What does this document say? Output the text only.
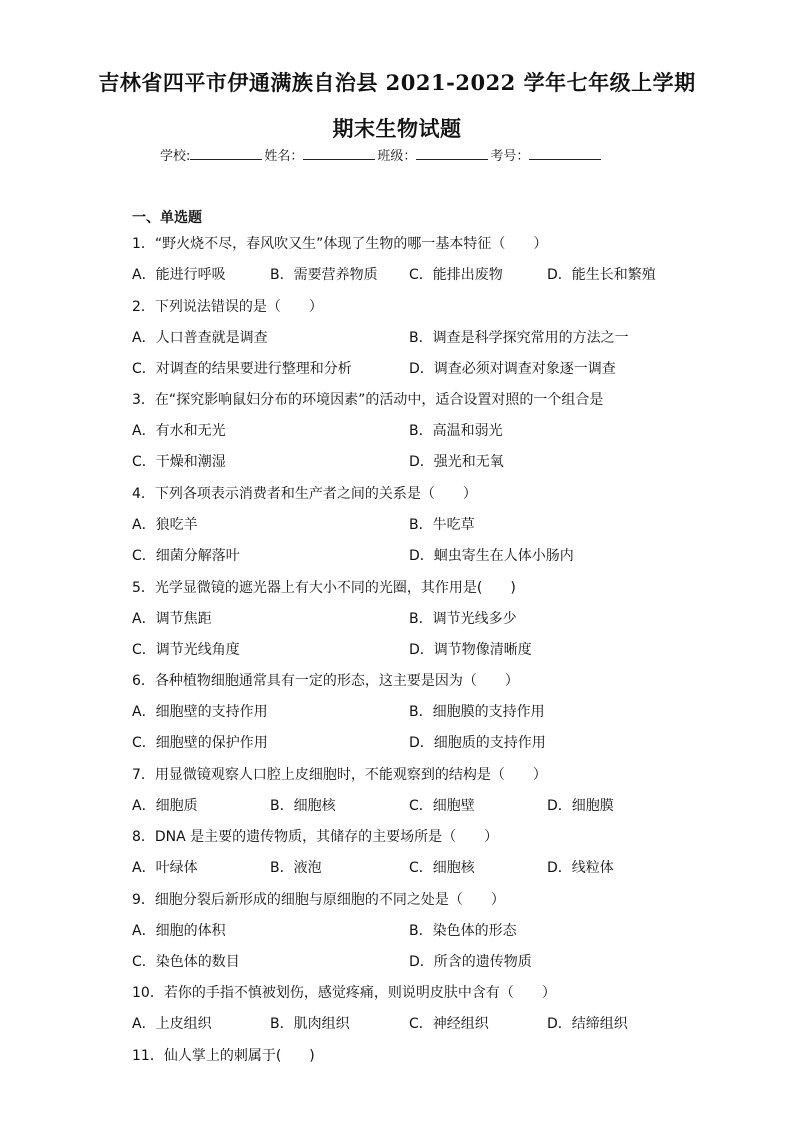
吉林省四平市伊通满族自治县 2021-2022 学年七年级上学期
期末生物试题
学校:	姓名：	班级：	考号：
一、单选题
1．“野火烧不尽，春风吹又生”体现了生物的哪一基本特征（　　）
A．能进行呼吸	B．需要营养物质 C．能排出废物	D．能生长和繁殖
2．下列说法错误的是（　　）
A．人口普查就是调查	B．调查是科学探究常用的方法之一
C．对调查的结果要进行整理和分析	D．调查必须对调查对象逐一调查
3．在“探究影响鼠妇分布的环境因素”的活动中，适合设置对照的一个组合是
A．有水和无光	B．高温和弱光
C．干燥和潮湿	D．强光和无氧
4．下列各项表示消费者和生产者之间的关系是（　　）
A．狼吃羊	B．牛吃草
C．细菌分解落叶	D．蛔虫寄生在人体小肠内
5．光学显微镜的遮光器上有大小不同的光圈，其作用是(　　)
A．调节焦距	B．调节光线多少
C．调节光线角度	D．调节物像清晰度
6．各种植物细胞通常具有一定的形态，这主要是因为（　　）
A．细胞壁的支持作用	B．细胞膜的支持作用
C．细胞壁的保护作用	D．细胞质的支持作用
7．用显微镜观察人口腔上皮细胞时，不能观察到的结构是（　　）
A．细胞质	B．细胞核	C．细胞壁	D．细胞膜
8．DNA 是主要的遗传物质，其储存的主要场所是（　　）
A．叶绿体	B．液泡	C．细胞核	D．线粒体
9．细胞分裂后新形成的细胞与原细胞的不同之处是（　　）
A．细胞的体积	B．染色体的形态
C．染色体的数目	D．所含的遗传物质
10．若你的手指不慎被划伤，感觉疼痛，则说明皮肤中含有（　　）
A．上皮组织	B．肌肉组织	C．神经组织	D．结缔组织
11．仙人掌上的刺属于(　　)
